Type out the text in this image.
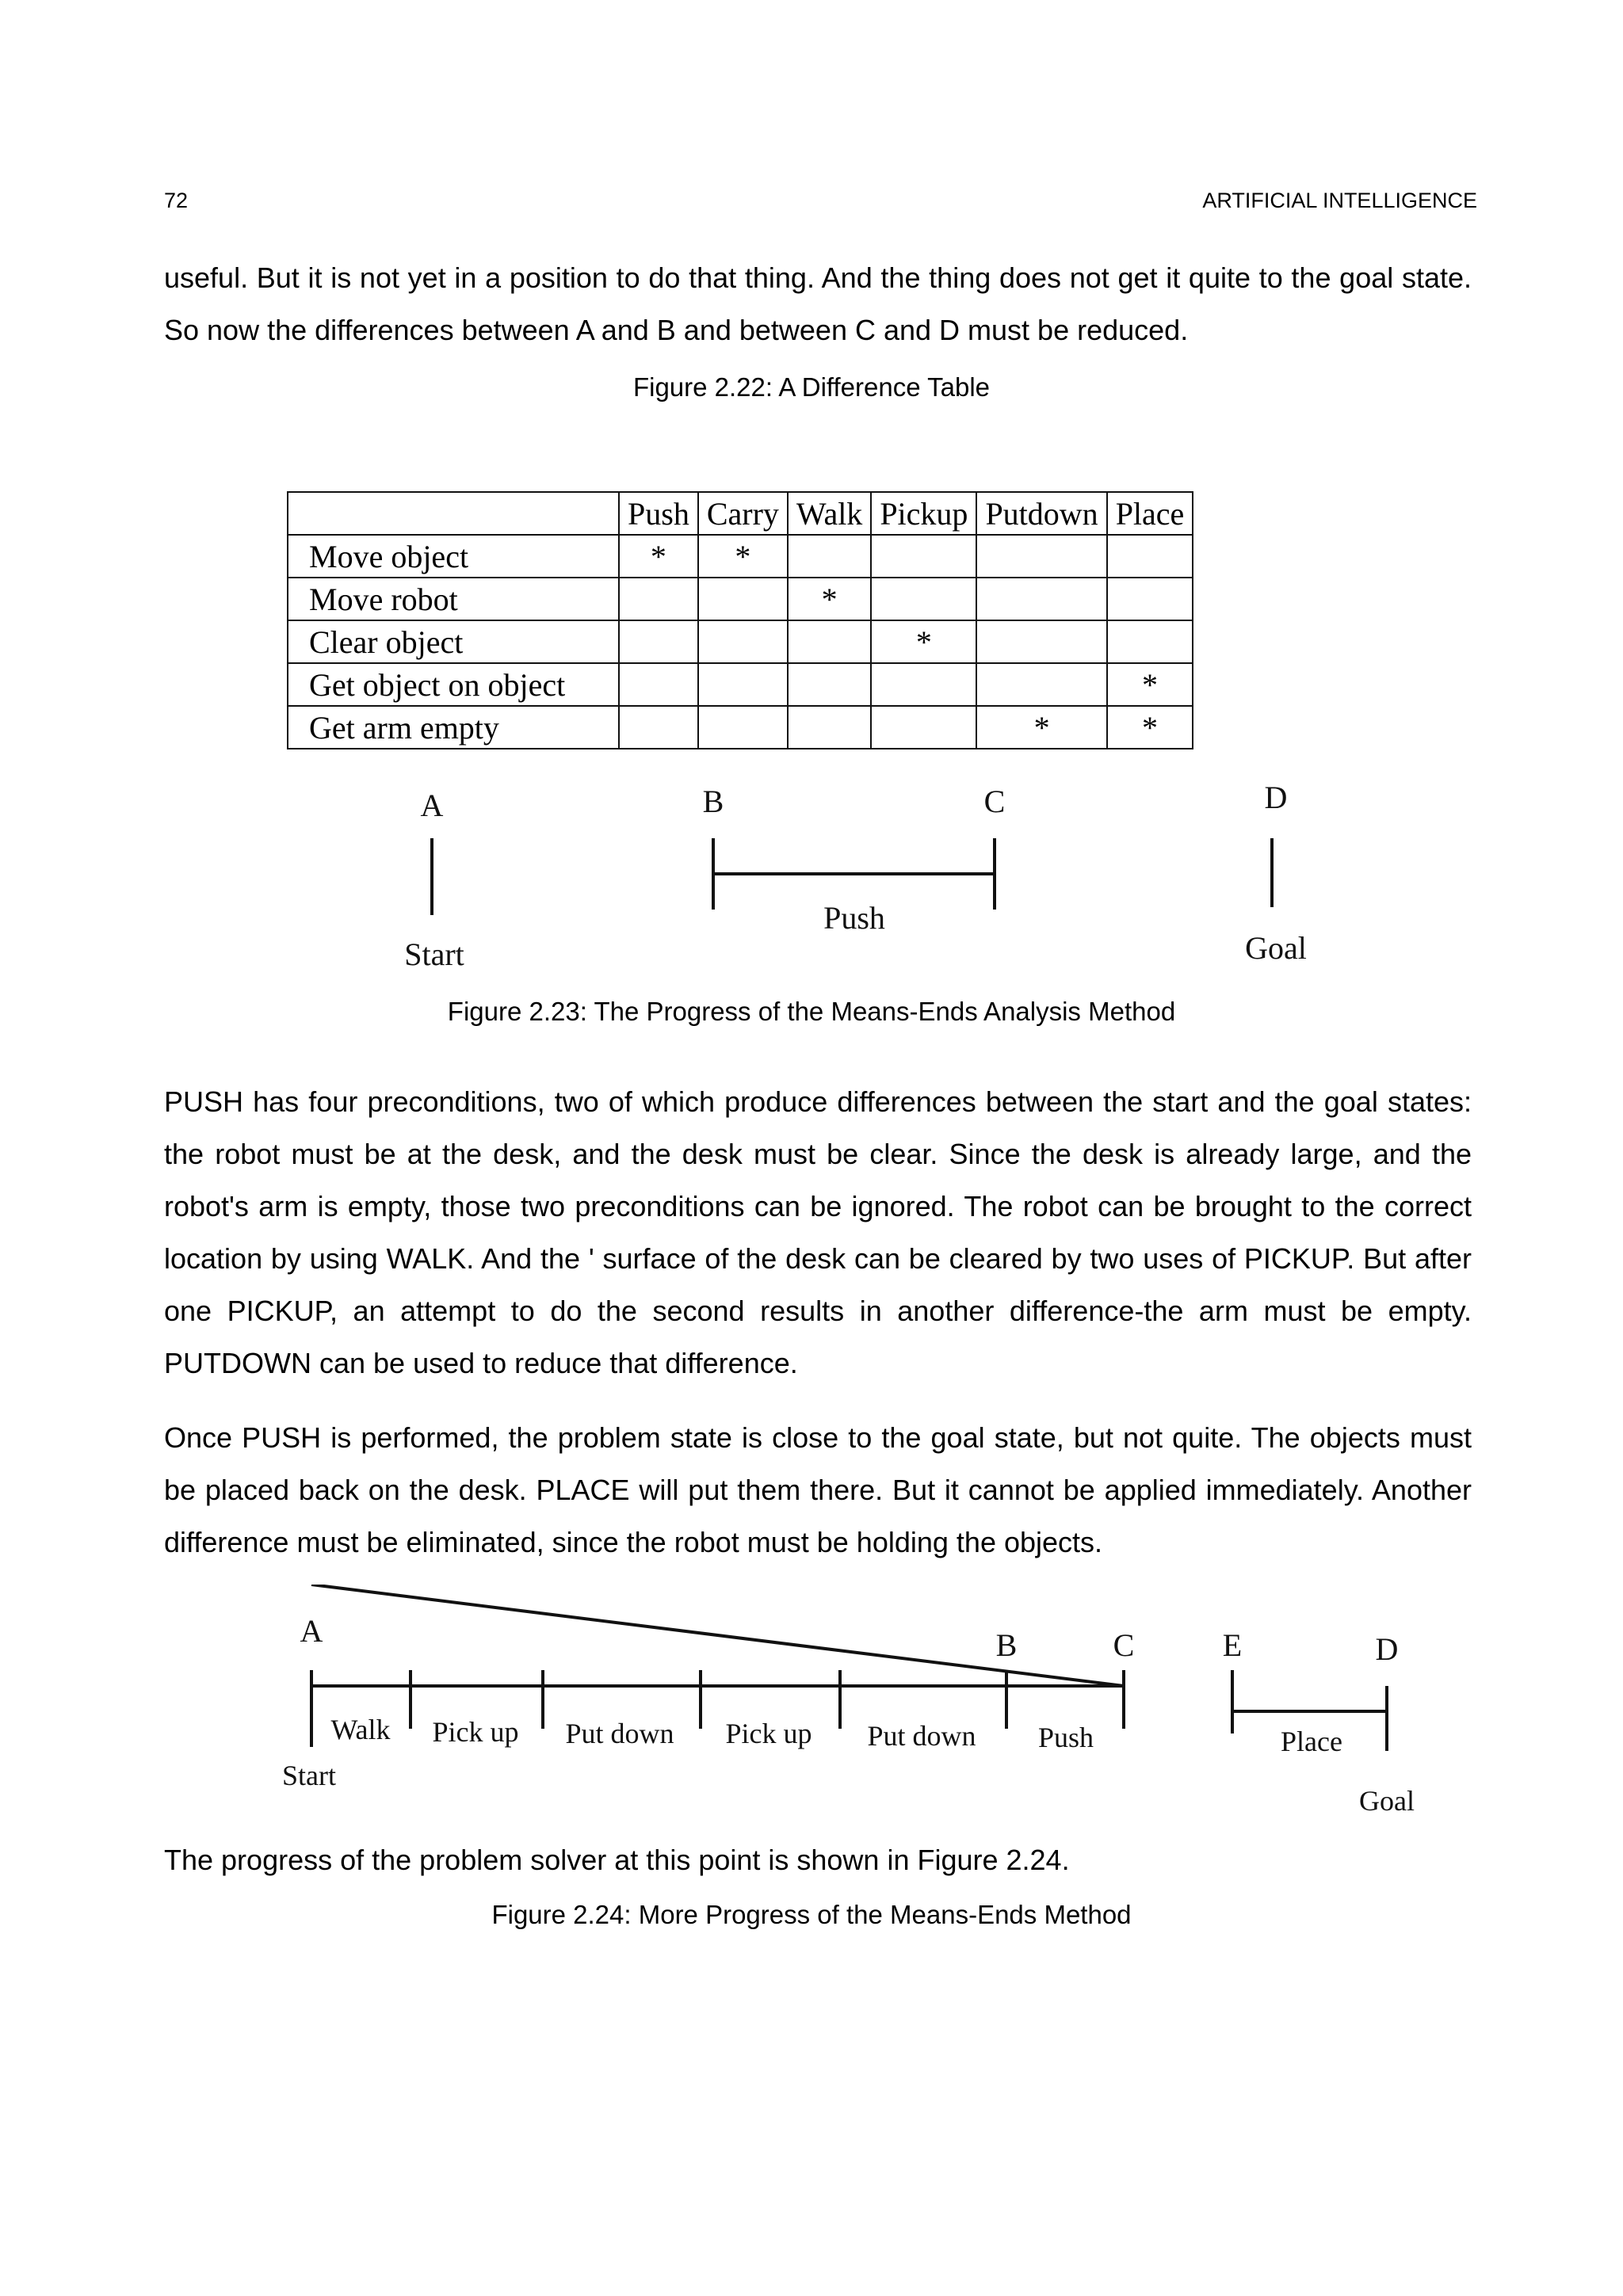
72	ARTIFICIAL INTELLIGENCE
useful. But it is not yet in a position to do that thing. And the thing does not get it quite to the goal state. So now the differences between A and B and between C and D must be reduced.
Figure 2.22: A Difference Table
	Push	Carry	Walk	Pickup	Putdown	Place
Move object	*	*				
Move robot			*			
Clear object				*		
Get object on object						*
Get arm empty					*	*
A	B	C	D
Push
Start	Goal
Figure 2.23: The Progress of the Means-Ends Analysis Method
PUSH has four preconditions, two of which produce differences between the start and the goal states: the robot must be at the desk, and the desk must be clear. Since the desk is already large, and the robot's arm is empty, those two preconditions can be ignored. The robot can be brought to the correct location by using WALK. And the ' surface of the desk can be cleared by two uses of PICKUP. But after one PICKUP, an attempt to do the second results in another difference-the arm must be empty. PUTDOWN can be used to reduce that difference.
Once PUSH is performed, the problem state is close to the goal state, but not quite. The objects must be placed back on the desk. PLACE will put them there. But it cannot be applied immediately. Another difference must be eliminated, since the robot must be holding the objects.
A	B	C	E	D
Walk Pick up Put down Pick up Put down Push	Place
Start
Goal
The progress of the problem solver at this point is shown in Figure 2.24.
Figure 2.24: More Progress of the Means-Ends Method
